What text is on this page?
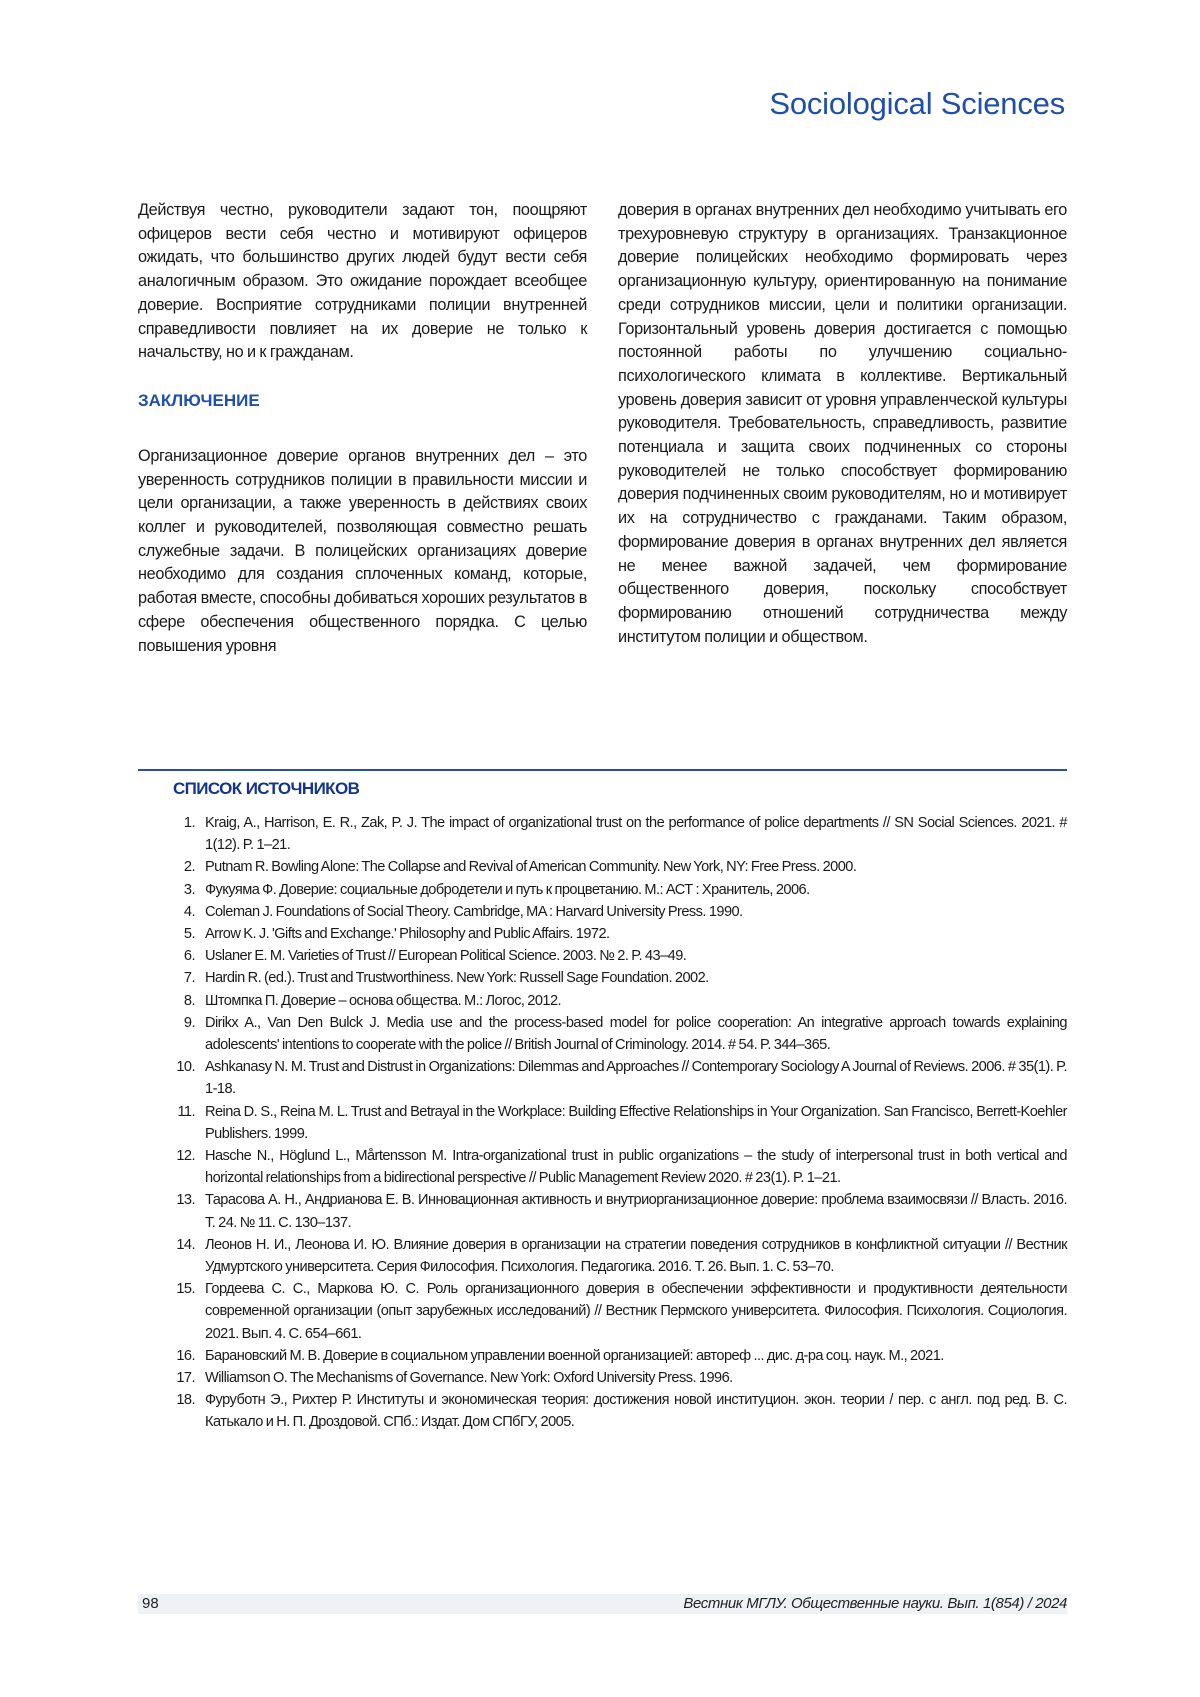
Sociological Sciences

Действуя честно, руководители задают тон, поощряют офицеров вести себя честно и мотивируют офицеров ожидать, что большинство других людей будут вести себя аналогичным образом. Это ожидание порождает всеобщее доверие. Восприятие сотрудниками полиции внутренней справедливости повлияет на их доверие не только к начальству, но и к гражданам.

ЗАКЛЮЧЕНИЕ

Организационное доверие органов внутренних дел – это уверенность сотрудников полиции в правильности миссии и цели организации, а также уверенность в действиях своих коллег и руководителей, позволяющая совместно решать служебные задачи. В полицейских организациях доверие необходимо для создания сплоченных команд, которые, работая вместе, способны добиваться хороших результатов в сфере обеспечения общественного порядка. С целью повышения уровня

доверия в органах внутренних дел необходимо учитывать его трехуровневую структуру в организациях. Транзакционное доверие полицейских необходимо формировать через организационную культуру, ориентированную на понимание среди сотрудников миссии, цели и политики организации. Горизонтальный уровень доверия достигается с помощью постоянной работы по улучшению социально-психологического климата в коллективе. Вертикальный уровень доверия зависит от уровня управленческой культуры руководителя. Требовательность, справедливость, развитие потенциала и защита своих подчиненных со стороны руководителей не только способствует формированию доверия подчиненных своим руководителям, но и мотивирует их на сотрудничество с гражданами. Таким образом, формирование доверия в органах внутренних дел является не менее важной задачей, чем формирование общественного доверия, поскольку способствует формированию отношений сотрудничества между институтом полиции и обществом.

СПИСОК ИСТОЧНИКОВ
1. Kraig, A., Harrison, E. R., Zak, P. J. The impact of organizational trust on the performance of police departments // SN Social Sciences. 2021. # 1(12). P. 1–21.
2. Putnam R. Bowling Alone: The Collapse and Revival of American Community. New York, NY: Free Press. 2000.
3. Фукуяма Ф. Доверие: социальные добродетели и путь к процветанию. М.: АСТ : Хранитель, 2006.
4. Coleman J. Foundations of Social Theory. Cambridge, MA : Harvard University Press. 1990.
5. Arrow K. J. 'Gifts and Exchange.' Philosophy and Public Affairs. 1972.
6. Uslaner E. M. Varieties of Trust // European Political Science. 2003. № 2. P. 43–49.
7. Hardin R. (ed.). Trust and Trustworthiness. New York: Russell Sage Foundation. 2002.
8. Штомпка П. Доверие – основа общества. М.: Логос, 2012.
9. Dirikx A., Van Den Bulck J. Media use and the process-based model for police cooperation: An integrative approach towards explaining adolescents' intentions to cooperate with the police // British Journal of Criminology. 2014. # 54. P. 344–365.
10. Ashkanasy N. M. Trust and Distrust in Organizations: Dilemmas and Approaches // Contemporary Sociology A Journal of Reviews. 2006. # 35(1). P. 1-18.
11. Reina D. S., Reina M. L. Trust and Betrayal in the Workplace: Building Effective Relationships in Your Organization. San Francisco, Berrett-Koehler Publishers. 1999.
12. Hasche N., Höglund L., Mårtensson M. Intra-organizational trust in public organizations – the study of interpersonal trust in both vertical and horizontal relationships from a bidirectional perspective // Public Management Review 2020. # 23(1). P. 1–21.
13. Тарасова А. Н., Андрианова Е. В. Инновационная активность и внутриорганизационное доверие: проблема взаимосвязи // Власть. 2016. Т. 24. № 11. С. 130–137.
14. Леонов Н. И., Леонова И. Ю. Влияние доверия в организации на стратегии поведения сотрудников в конфликтной ситуации // Вестник Удмуртского университета. Серия Философия. Психология. Педагогика. 2016. Т. 26. Вып. 1. С. 53–70.
15. Гордеева С. С., Маркова Ю. С. Роль организационного доверия в обеспечении эффективности и продуктивности деятельности современной организации (опыт зарубежных исследований) // Вестник Пермского университета. Философия. Психология. Социология. 2021. Вып. 4. С. 654–661.
16. Барановский М. В. Доверие в социальном управлении военной организацией: автореф ... дис. д-ра соц. наук. М., 2021.
17. Williamson O. The Mechanisms of Governance. New York: Oxford University Press. 1996.
18. Фуруботн Э., Рихтер Р. Институты и экономическая теория: достижения новой институцион. экон. теории / пер. с англ. под ред. В. С. Катькало и Н. П. Дроздовой. СПб.: Издат. Дом СПбГУ, 2005.
98	Вестник МГЛУ. Общественные науки. Вып. 1(854) / 2024
